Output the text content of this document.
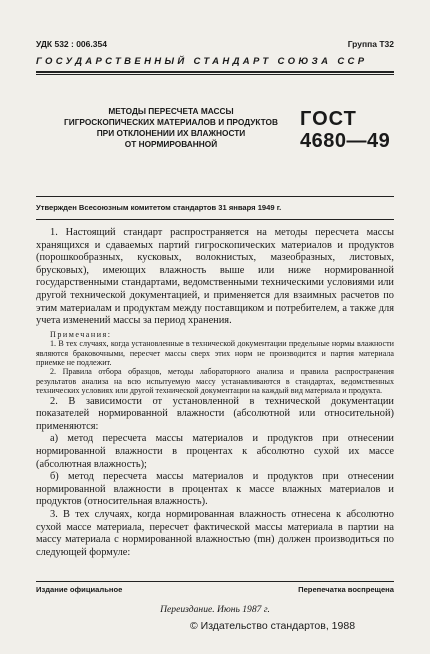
УДК 532 : 006.354	Группа Т32
ГОСУДАРСТВЕННЫЙ СТАНДАРТ СОЮЗА ССР
МЕТОДЫ ПЕРЕСЧЕТА МАССЫ
ГИГРОСКОПИЧЕСКИХ МАТЕРИАЛОВ И ПРОДУКТОВ
ПРИ ОТКЛОНЕНИИ ИХ ВЛАЖНОСТИ
ОТ НОРМИРОВАННОЙ
ГОСТ
4680—49
Утвержден Всесоюзным комитетом стандартов 31 января 1949 г.

1. Настоящий стандарт распространяется на методы пересчета массы хранящихся и сдаваемых партий гигроскопических материалов и продуктов (порошкообразных, кусковых, волокнистых, мазеобразных, листовых, брусковых), имеющих влажность выше или ниже нормированной государственными стандартами, ведомственными техническими условиями или другой технической документацией, и применяется для взаимных расчетов по этим материалам и продуктам между поставщиком и потребителем, а также для учета изменений массы за период хранения.

Примечания:

1. В тех случаях, когда установленные в технической документации предельные нормы влажности являются браковочными, пересчет массы сверх этих норм не производится и партия материала приемке не подлежит.

2. Правила отбора образцов, методы лабораторного анализа и правила распространения результатов анализа на всю испытуемую массу устанавливаются в стандартах, ведомственных технических условиях или другой технической документации на каждый вид материала и продукта.

2. В зависимости от установленной в технической документации показателей нормированной влажности (абсолютной или относительной) применяются:

а) метод пересчета массы материалов и продуктов при отнесении нормированной влажности в процентах к абсолютно сухой их массе (абсолютная влажность);

б) метод пересчета массы материалов и продуктов при отнесении нормированной влажности в процентах к массе влажных материалов и продуктов (относительная влажность).

3. В тех случаях, когда нормированная влажность отнесена к абсолютно сухой массе материала, пересчет фактической массы материала в партии на массу материала с нормированной влажностью (mн) должен производиться по следующей формуле:

Издание официальное	Перепечатка воспрещена
Переиздание. Июнь 1987 г.
© Издательство стандартов, 1988
